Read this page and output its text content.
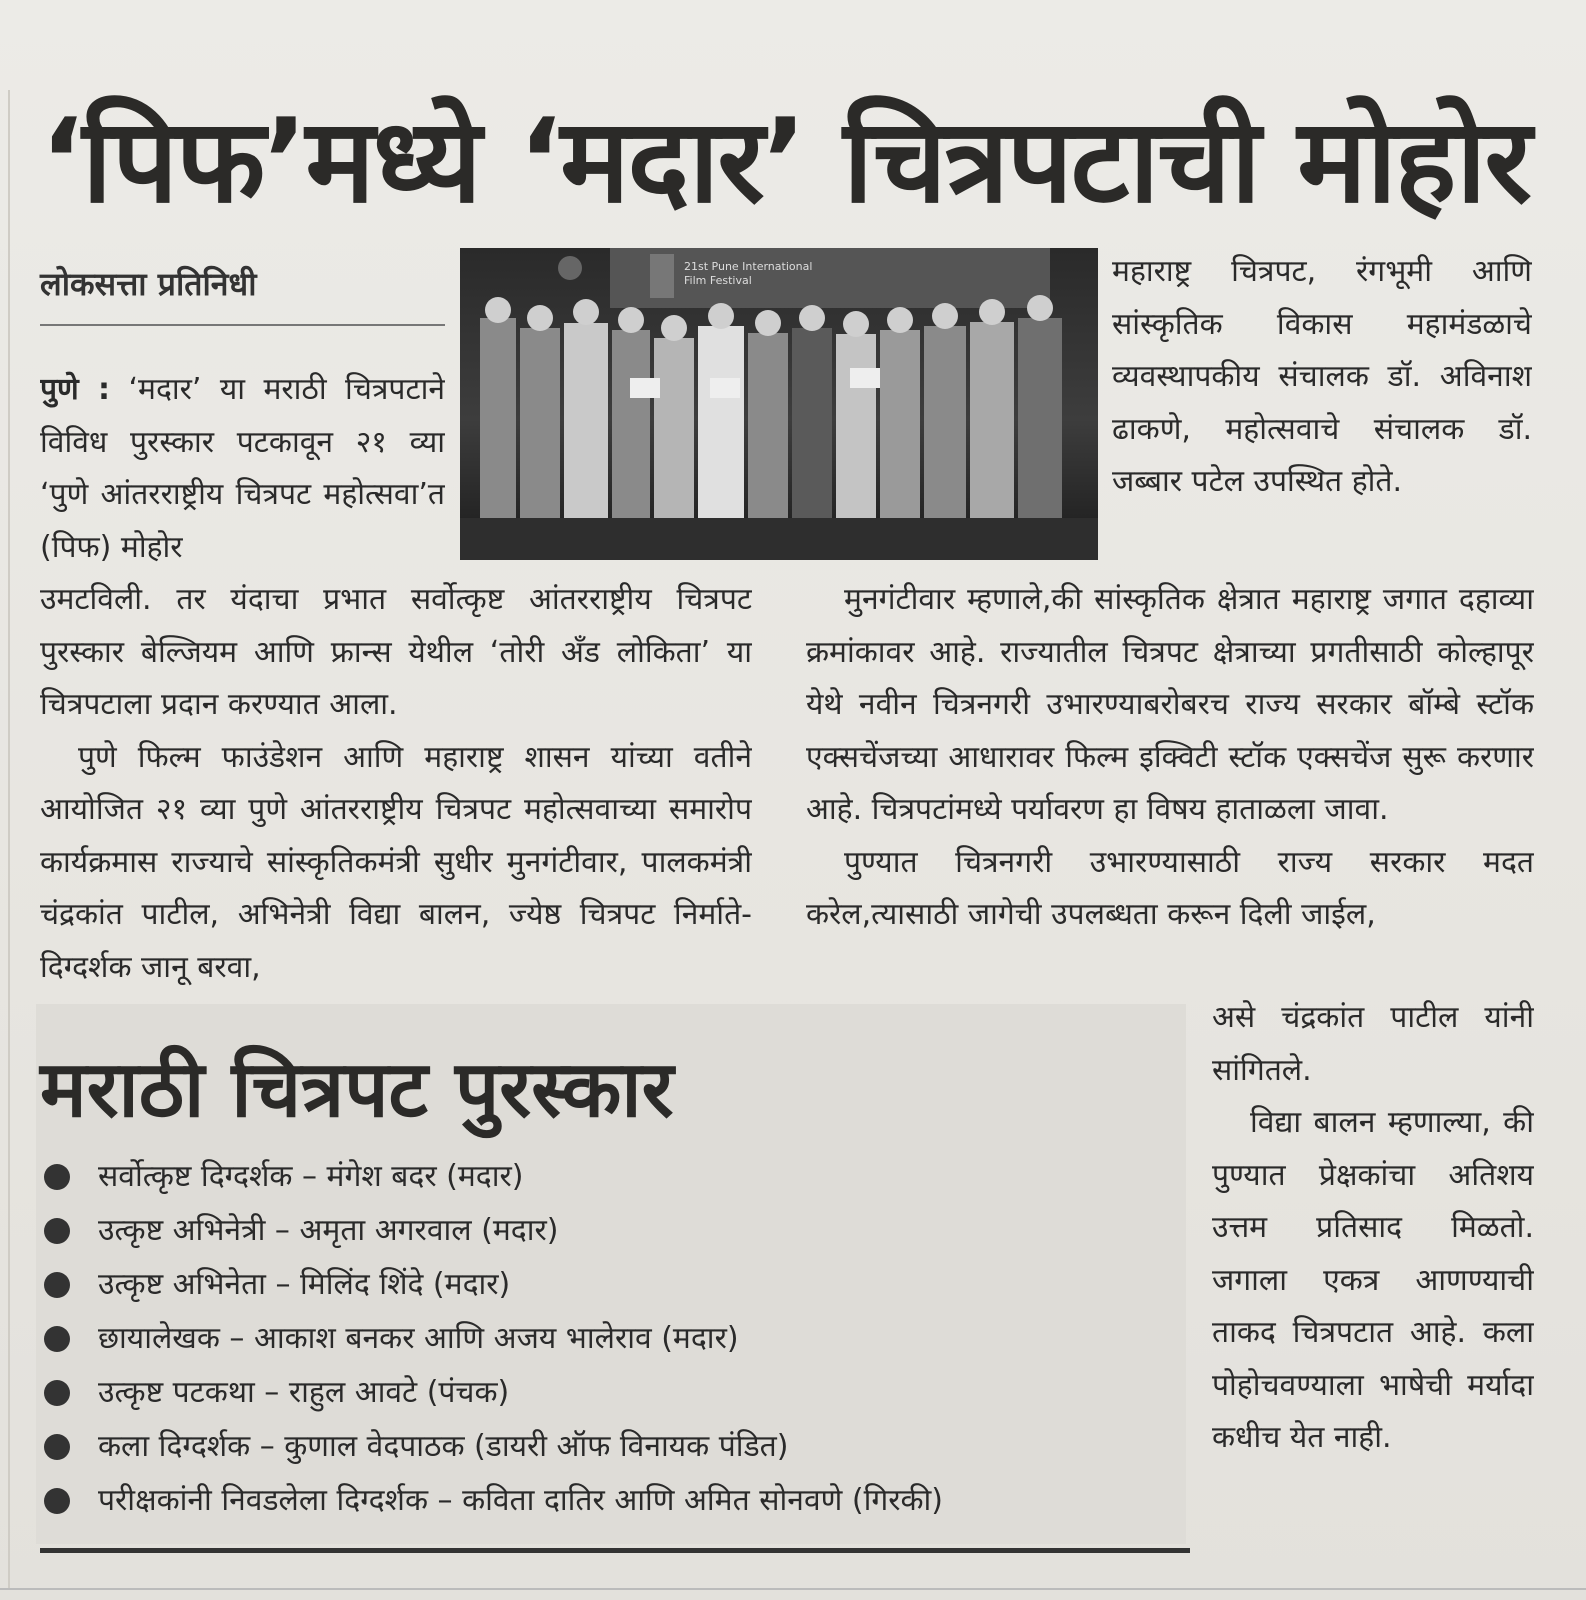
‘पिफ’मध्ये ‘मदार’ चित्रपटाची मोहोर
लोकसत्ता प्रतिनिधी	21st Pune International
Film Festival

पुणे : ‘मदार’ या मराठी चित्रपटाने विविध पुरस्कार पटकावून २१ व्या ‘पुणे आंतरराष्ट्रीय चित्रपट महोत्सवा’त (पिफ) मोहोर

उमटविली. तर यंदाचा प्रभात सर्वोत्कृष्ट आंतरराष्ट्रीय चित्रपट पुरस्कार बेल्जियम आणि फ्रान्स येथील ‘तोरी अँड लोकिता’ या चित्रपटाला प्रदान करण्यात आला.

पुणे फिल्म फाउंडेशन आणि महाराष्ट्र शासन यांच्या वतीने आयोजित २१ व्या पुणे आंतरराष्ट्रीय चित्रपट महोत्सवाच्या समारोप कार्यक्रमास राज्याचे सांस्कृतिकमंत्री सुधीर मुनगंटीवार, पालकमंत्री चंद्रकांत पाटील, अभिनेत्री विद्या बालन, ज्येष्ठ चित्रपट निर्माते- दिग्दर्शक जानू बरवा,

महाराष्ट्र चित्रपट, रंगभूमी आणि सांस्कृतिक विकास महामंडळाचे व्यवस्थापकीय संचालक डॉ. अविनाश ढाकणे, महोत्सवाचे संचालक डॉ. जब्बार पटेल उपस्थित होते.

मुनगंटीवार म्हणाले,की सांस्कृतिक क्षेत्रात महाराष्ट्र जगात दहाव्या क्रमांकावर आहे. राज्यातील चित्रपट क्षेत्राच्या प्रगतीसाठी कोल्हापूर येथे नवीन चित्रनगरी उभारण्याबरोबरच राज्य सरकार बॉम्बे स्टॉक एक्सचेंजच्या आधारावर फिल्म इक्विटी स्टॉक एक्सचेंज सुरू करणार आहे. चित्रपटांमध्ये पर्यावरण हा विषय हाताळला जावा.

पुण्यात चित्रनगरी उभारण्यासाठी राज्य सरकार मदत करेल,त्यासाठी जागेची उपलब्धता करून दिली जाईल,

असे चंद्रकांत पाटील यांनी सांगितले.

विद्या बालन म्हणाल्या, की पुण्यात प्रेक्षकांचा अतिशय उत्तम प्रतिसाद मिळतो. जगाला एकत्र आणण्याची ताकद चित्रपटात आहे. कला पोहोचवण्याला भाषेची मर्यादा कधीच येत नाही.

मराठी चित्रपट पुरस्कार
सर्वोत्कृष्ट दिग्दर्शक – मंगेश बदर (मदार)
उत्कृष्ट अभिनेत्री – अमृता अगरवाल (मदार)
उत्कृष्ट अभिनेता – मिलिंद शिंदे (मदार)
छायालेखक – आकाश बनकर आणि अजय भालेराव (मदार)
उत्कृष्ट पटकथा – राहुल आवटे (पंचक)
कला दिग्दर्शक – कुणाल वेदपाठक (डायरी ऑफ विनायक पंडित)
परीक्षकांनी निवडलेला दिग्दर्शक – कविता दातिर आणि अमित सोनवणे (गिरकी)
